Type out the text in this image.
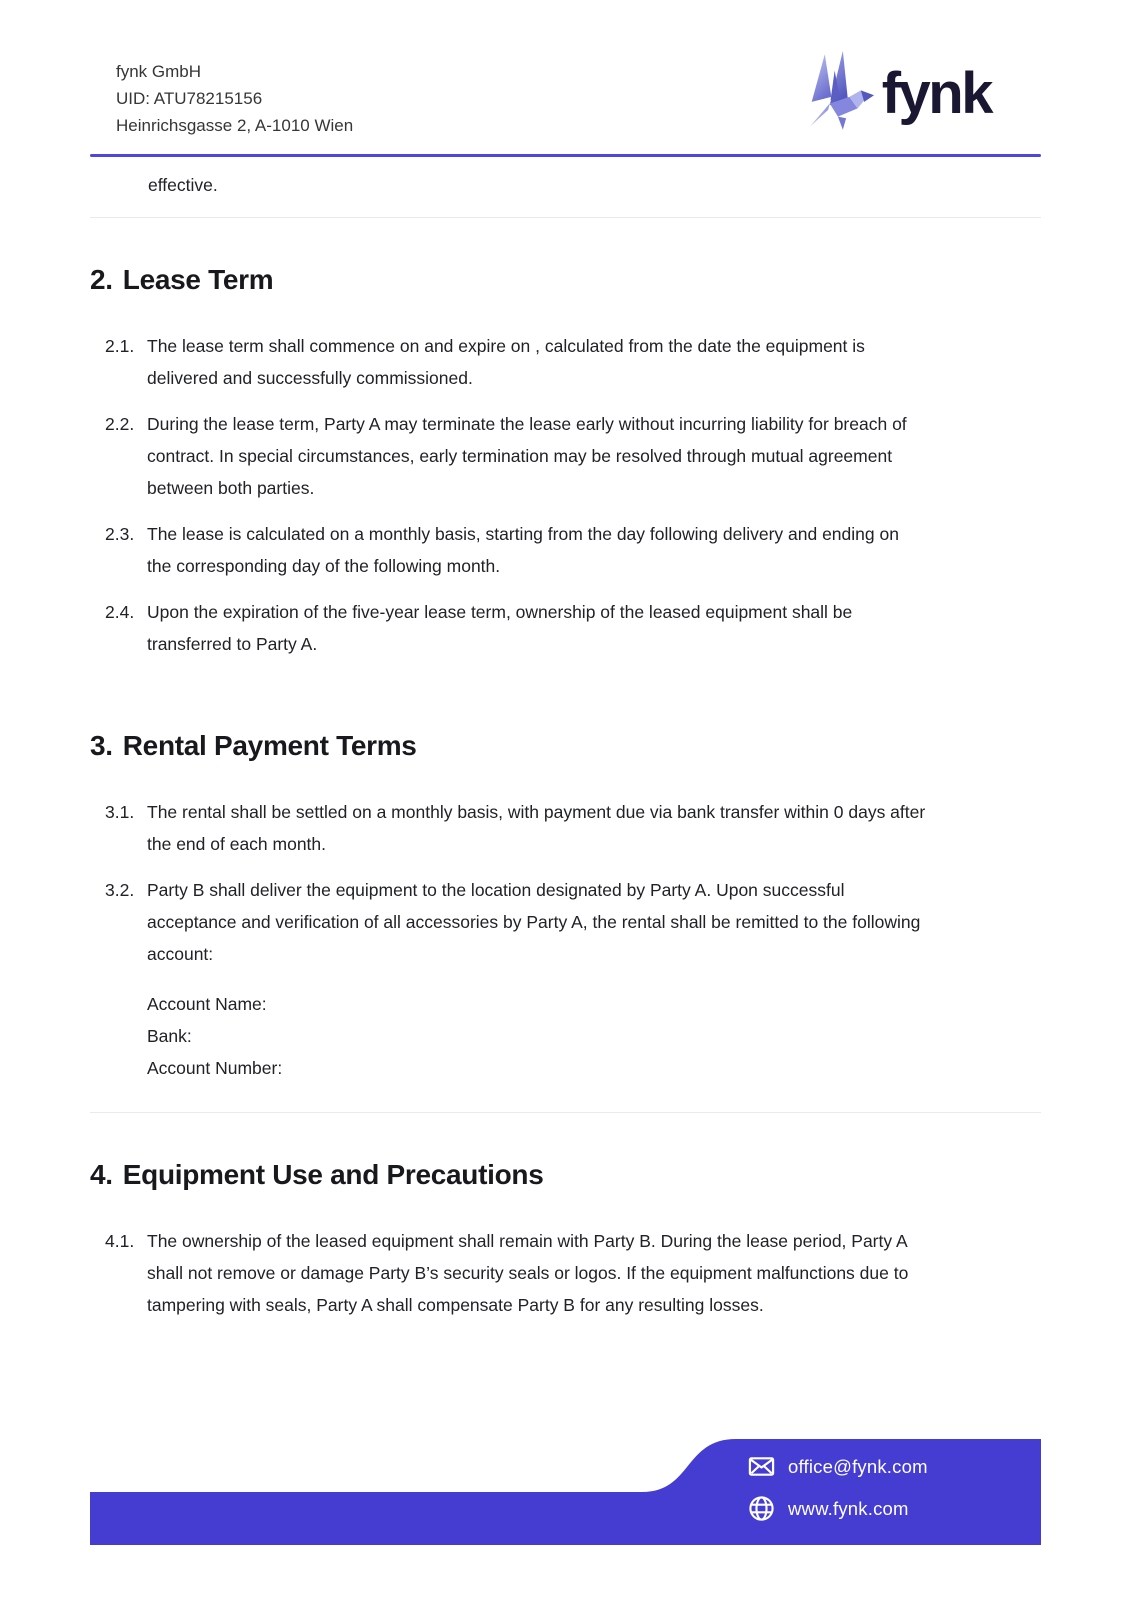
fynk GmbH
UID: ATU78215156
Heinrichsgasse 2, A-1010 Wien	fynk
effective.
2. Lease Term
2.1. The lease term shall commence on and expire on , calculated from the date the equipment is delivered and successfully commissioned.
2.2. During the lease term, Party A may terminate the lease early without incurring liability for breach of contract. In special circumstances, early termination may be resolved through mutual agreement between both parties.
2.3. The lease is calculated on a monthly basis, starting from the day following delivery and ending on the corresponding day of the following month.
2.4. Upon the expiration of the five-year lease term, ownership of the leased equipment shall be transferred to Party A.
3. Rental Payment Terms
3.1. The rental shall be settled on a monthly basis, with payment due via bank transfer within 0 days after the end of each month.
3.2. Party B shall deliver the equipment to the location designated by Party A. Upon successful acceptance and verification of all accessories by Party A, the rental shall be remitted to the following account:
Account Name:
Bank:
Account Number:
4. Equipment Use and Precautions
4.1. The ownership of the leased equipment shall remain with Party B. During the lease period, Party A shall not remove or damage Party B’s security seals or logos. If the equipment malfunctions due to tampering with seals, Party A shall compensate Party B for any resulting losses.
office@fynk.com
www.fynk.com
